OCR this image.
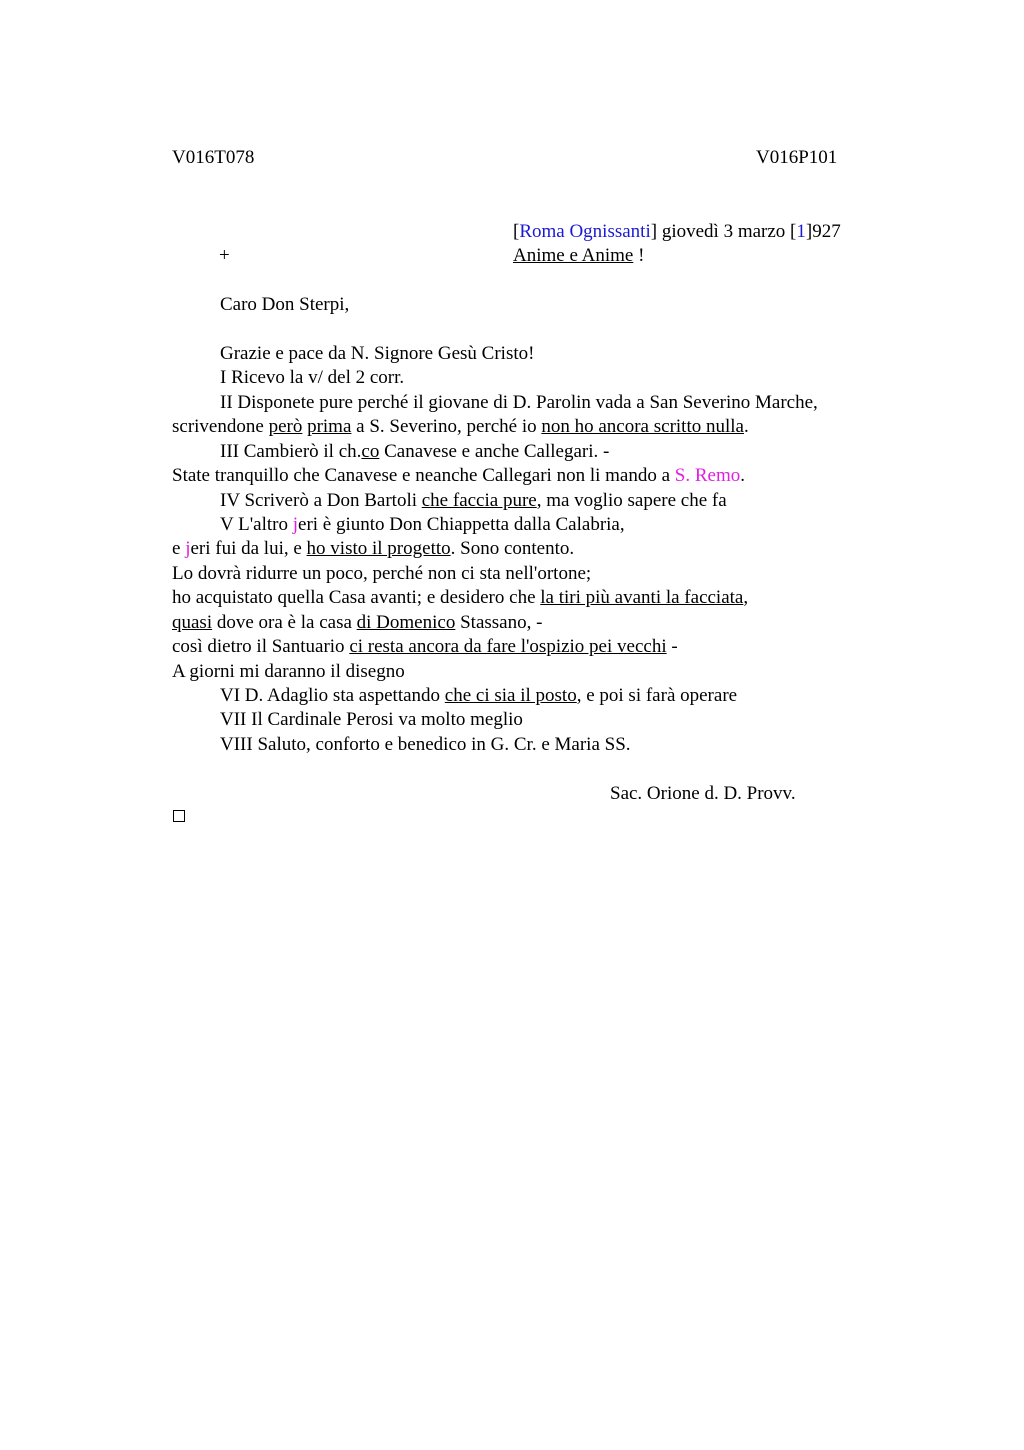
V016T078	V016P101
[Roma Ognissanti] giovedì 3 marzo [1]927
+	Anime e Anime !
Caro Don Sterpi,
Grazie e pace da N. Signore Gesù Cristo!
I Ricevo la v/ del 2 corr.
II Disponete pure perché il giovane di D. Parolin vada a San Severino Marche,
scrivendone però prima a S. Severino, perché io non ho ancora scritto nulla.
III Cambierò il ch.co Canavese e anche Callegari. -
State tranquillo che Canavese e neanche Callegari non li mando a S. Remo.
IV Scriverò a Don Bartoli che faccia pure, ma voglio sapere che fa
V L'altro jeri è giunto Don Chiappetta dalla Calabria,
e jeri fui da lui, e ho visto il progetto. Sono contento.
Lo dovrà ridurre un poco, perché non ci sta nell'ortone;
ho acquistato quella Casa avanti; e desidero che la tiri più avanti la facciata,
quasi dove ora è la casa di Domenico Stassano, -
così dietro il Santuario ci resta ancora da fare l'ospizio pei vecchi -
A giorni mi daranno il disegno
VI D. Adaglio sta aspettando che ci sia il posto, e poi si farà operare
VII Il Cardinale Perosi va molto meglio
VIII Saluto, conforto e benedico in G. Cr. e Maria SS.
Sac. Orione d. D. Provv.
